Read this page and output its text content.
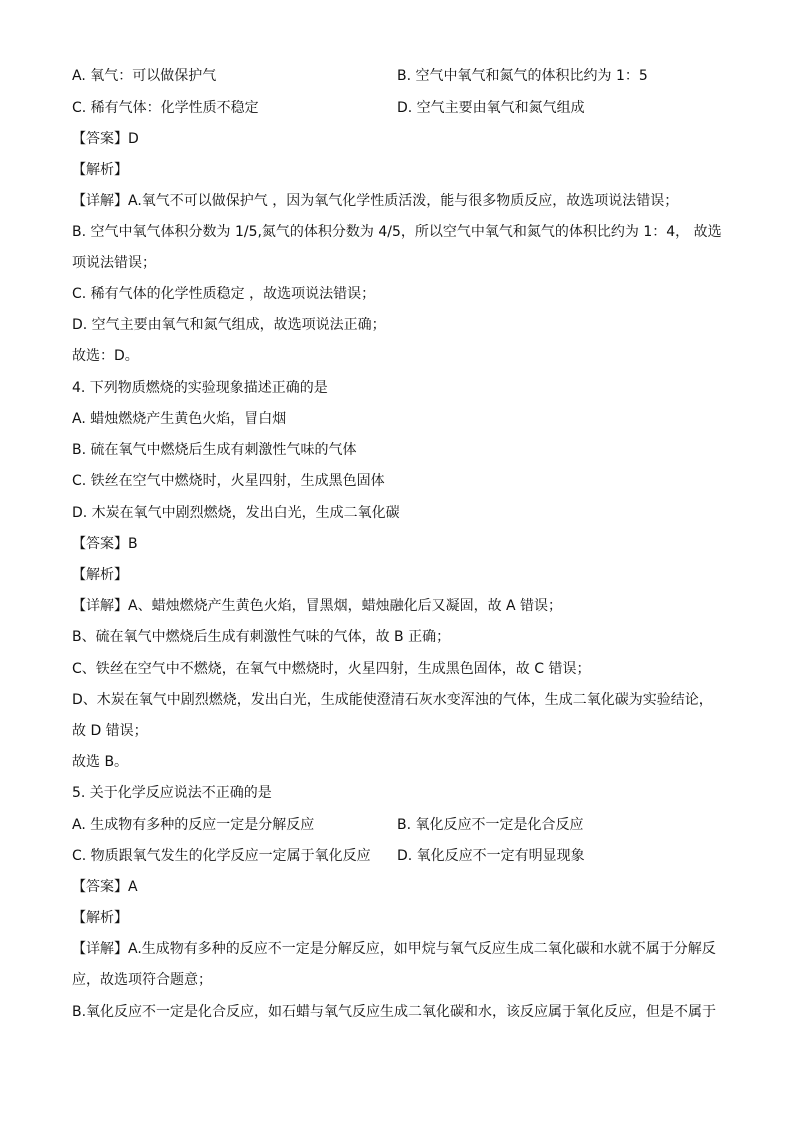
A. 氧气：可以做保护气	B. 空气中氧气和氮气的体积比约为 1：5
C. 稀有气体：化学性质不稳定	D. 空气主要由氧气和氮气组成
【答案】D
【解析】
【详解】A.氧气不可以做保护气 ，因为氧气化学性质活泼，能与很多物质反应，故选项说法错误；
B. 空气中氧气体积分数为 1/5,氮气的体积分数为 4/5，所以空气中氧气和氮气的体积比约为 1：4， 故选
项说法错误；
C. 稀有气体的化学性质稳定 ，故选项说法错误；
D. 空气主要由氧气和氮气组成，故选项说法正确；
故选：D。
4. 下列物质燃烧的实验现象描述正确的是
A. 蜡烛燃烧产生黄色火焰，冒白烟
B. 硫在氧气中燃烧后生成有刺激性气味的气体
C. 铁丝在空气中燃烧时，火星四射，生成黑色固体
D. 木炭在氧气中剧烈燃烧，发出白光，生成二氧化碳
【答案】B
【解析】
【详解】A、蜡烛燃烧产生黄色火焰，冒黑烟，蜡烛融化后又凝固，故 A 错误；
B、硫在氧气中燃烧后生成有刺激性气味的气体，故 B 正确；
C、铁丝在空气中不燃烧，在氧气中燃烧时，火星四射，生成黑色固体，故 C 错误；
D、木炭在氧气中剧烈燃烧，发出白光，生成能使澄清石灰水变浑浊的气体，生成二氧化碳为实验结论，
故 D 错误；
故选 B。
5. 关于化学反应说法不正确的是
A. 生成物有多种的反应一定是分解反应	B. 氧化反应不一定是化合反应
C. 物质跟氧气发生的化学反应一定属于氧化反应 D. 氧化反应不一定有明显现象
【答案】A
【解析】
【详解】A.生成物有多种的反应不一定是分解反应，如甲烷与氧气反应生成二氧化碳和水就不属于分解反
应，故选项符合题意；
B.氧化反应不一定是化合反应，如石蜡与氧气反应生成二氧化碳和水，该反应属于氧化反应，但是不属于
